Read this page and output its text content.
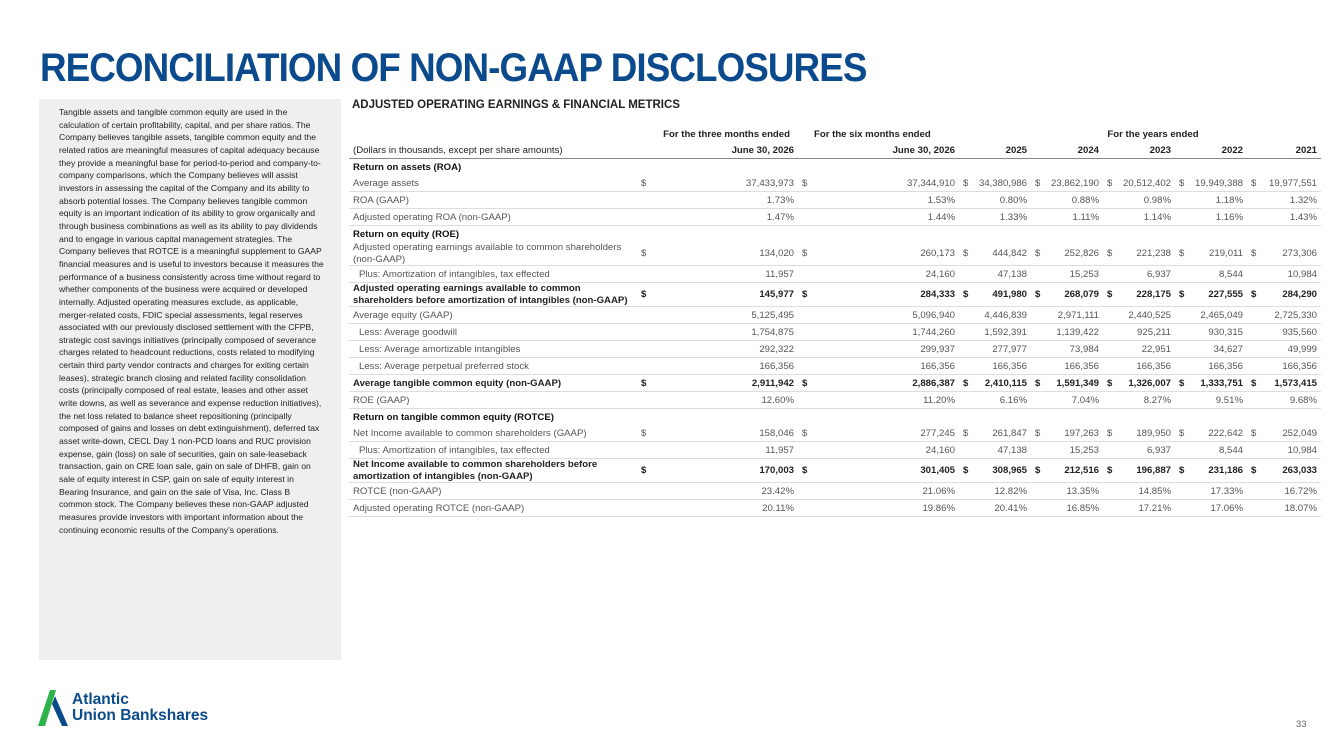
RECONCILIATION OF NON-GAAP DISCLOSURES
Tangible assets and tangible common equity are used in the calculation of certain profitability, capital, and per share ratios. The Company believes tangible assets, tangible common equity and the related ratios are meaningful measures of capital adequacy because they provide a meaningful base for period-to-period and company-to-company comparisons, which the Company believes will assist investors in assessing the capital of the Company and its ability to absorb potential losses. The Company believes tangible common equity is an important indication of its ability to grow organically and through business combinations as well as its ability to pay dividends and to engage in various capital management strategies. The Company believes that ROTCE is a meaningful supplement to GAAP financial measures and is useful to investors because it measures the performance of a business consistently across time without regard to whether components of the business were acquired or developed internally. Adjusted operating measures exclude, as applicable, merger-related costs, FDIC special assessments, legal reserves associated with our previously disclosed settlement with the CFPB, strategic cost savings initiatives (principally composed of severance charges related to headcount reductions, costs related to modifying certain third party vendor contracts and charges for exiting certain leases), strategic branch closing and related facility consolidation costs (principally composed of real estate, leases and other asset write downs, as well as severance and expense reduction initiatives), the net loss related to balance sheet repositioning (principally composed of gains and losses on debt extinguishment), deferred tax asset write-down, CECL Day 1 non-PCD loans and RUC provision expense, gain (loss) on sale of securities, gain on sale-leaseback transaction, gain on CRE loan sale, gain on sale of DHFB, gain on sale of equity interest in CSP, gain on sale of equity interest in Bearing Insurance, and gain on the sale of Visa, Inc. Class B common stock. The Company believes these non-GAAP adjusted measures provide investors with important information about the continuing economic results of the Company's operations.
ADJUSTED OPERATING EARNINGS & FINANCIAL METRICS
	For the three months ended		For the six months ended		For the years ended									
(Dollars in thousands, except per share amounts)	June 30, 2026		June 30, 2026		2025		2024		2023		2022		2021	
Return on assets (ROA)														
Average assets	$	37,433,973	$	37,344,910	$	34,380,986	$	23,862,190	$	20,512,402	$	19,949,388	$	19,977,551
ROA (GAAP)		1.73%		1.53%		0.80%		0.88%		0.98%		1.18%		1.32%
Adjusted operating ROA (non-GAAP)		1.47%		1.44%		1.33%		1.11%		1.14%		1.16%		1.43%
Return on equity (ROE)														
Adjusted operating earnings available to common shareholders (non-GAAP)	$	134,020	$	260,173	$	444,842	$	252,826	$	221,238	$	219,011	$	273,306
Plus: Amortization of intangibles, tax effected		11,957		24,160		47,138		15,253		6,937		8,544		10,984
Adjusted operating earnings available to common shareholders before amortization of intangibles (non-GAAP)	$	145,977	$	284,333	$	491,980	$	268,079	$	228,175	$	227,555	$	284,290
Average equity (GAAP)		5,125,495		5,096,940		4,446,839		2,971,111		2,440,525		2,465,049		2,725,330
Less: Average goodwill		1,754,875		1,744,260		1,592,391		1,139,422		925,211		930,315		935,560
Less: Average amortizable intangibles		292,322		299,937		277,977		73,984		22,951		34,627		49,999
Less: Average perpetual preferred stock		166,356		166,356		166,356		166,356		166,356		166,356		166,356
Average tangible common equity (non-GAAP)	$	2,911,942	$	2,886,387	$	2,410,115	$	1,591,349	$	1,326,007	$	1,333,751	$	1,573,415
ROE (GAAP)		12.60%		11.20%		6.16%		7.04%		8.27%		9.51%		9.68%
Return on tangible common equity (ROTCE)														
Net Income available to common shareholders (GAAP)	$	158,046	$	277,245	$	261,847	$	197,263	$	189,950	$	222,642	$	252,049
Plus: Amortization of intangibles, tax effected		11,957		24,160		47,138		15,253		6,937		8,544		10,984
Net Income available to common shareholders before amortization of intangibles (non-GAAP)	$	170,003	$	301,405	$	308,965	$	212,516	$	196,887	$	231,186	$	263,033
ROTCE (non-GAAP)		23.42%		21.06%		12.82%		13.35%		14.85%		17.33%		16.72%
Adjusted operating ROTCE (non-GAAP)		20.11%		19.86%		20.41%		16.85%		17.21%		17.06%		18.07%
Atlantic
Union Bankshares
33
